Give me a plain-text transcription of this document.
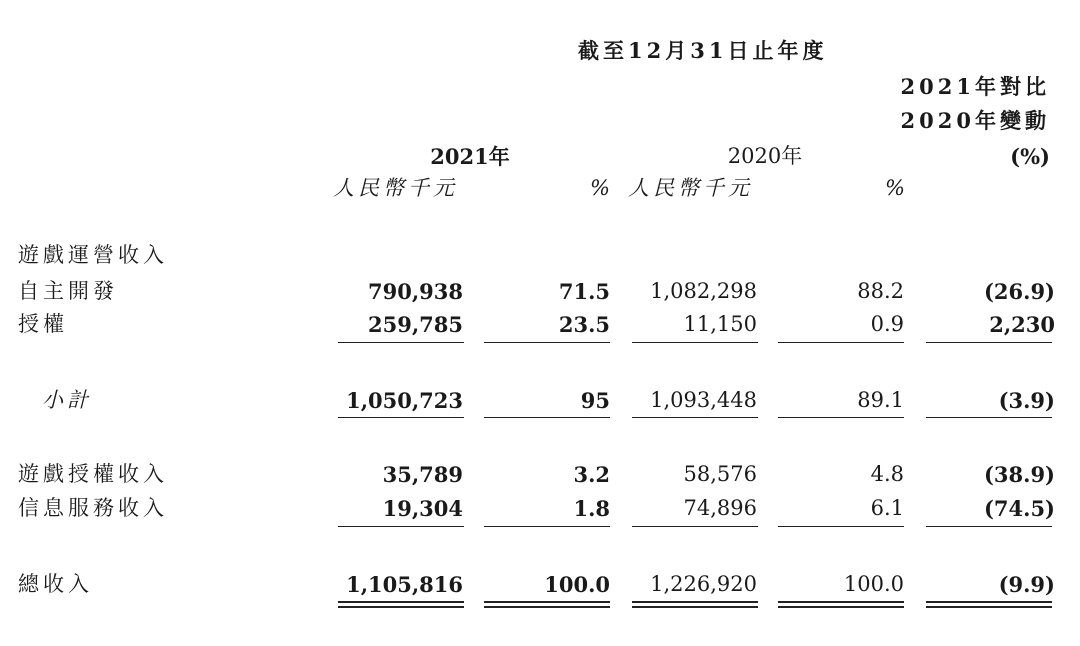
截至12月31日止年度
2021年對比
2020年變動
(%)
2021年	2020年
人民幣千元	% 人民幣千元	%
遊戲運營收入
自主開發	790,938	71.5	1,082,298	88.2	(26.9)
授權	259,785	23.5	11,150	0.9	2,230
小計	1,050,723	95	1,093,448	89.1	(3.9)
遊戲授權收入	35,789	3.2	58,576	4.8	(38.9)
信息服務收入	19,304	1.8	74,896	6.1	(74.5)
總收入	1,105,816	100.0	1,226,920	100.0	(9.9)
